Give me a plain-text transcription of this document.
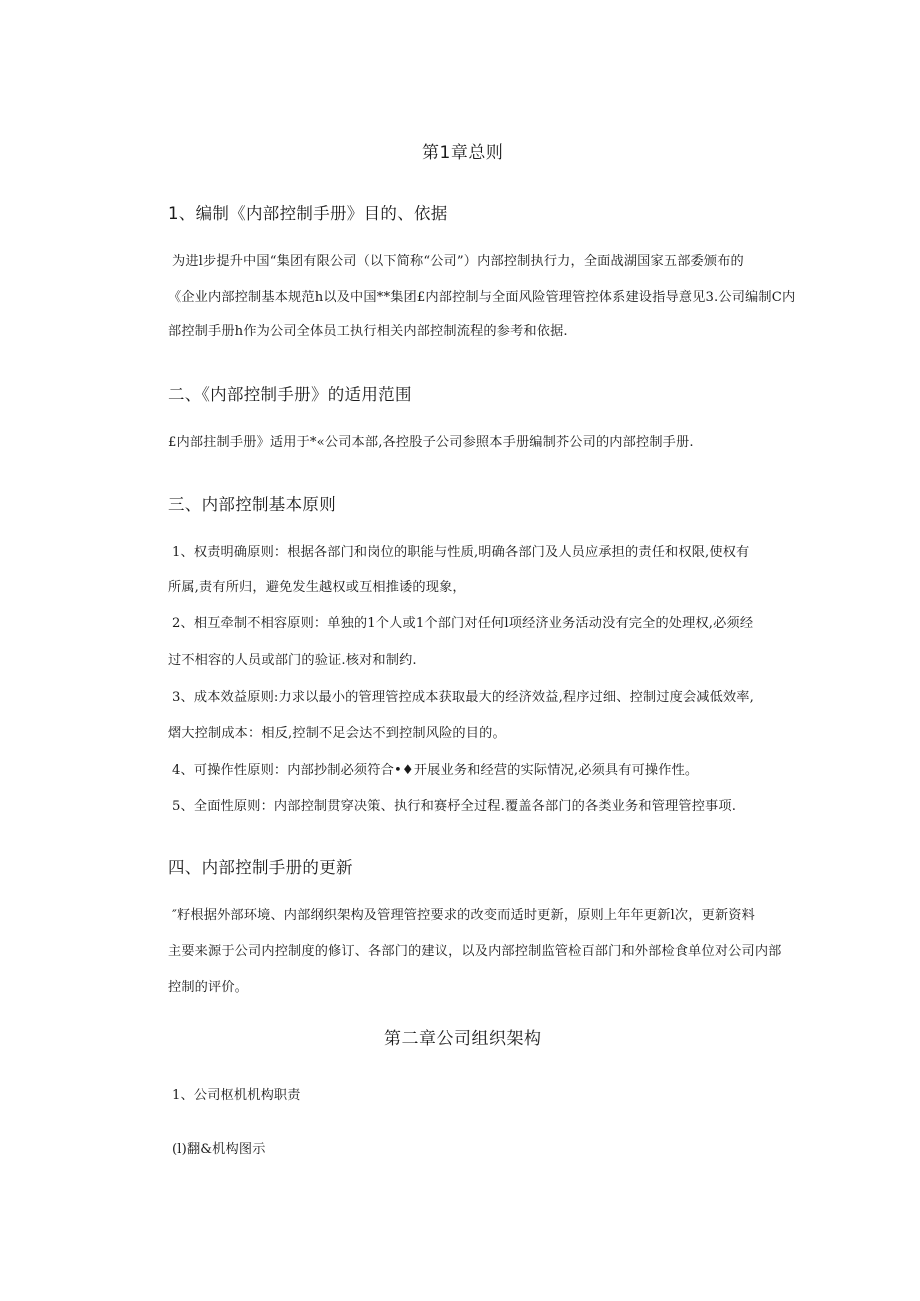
第1章总则
1、编制《内部控制手册》目的、依据
为进l步提升中国“集团有限公司（以下简称“公司”）内部控制执行力，全面战湖国家五部委颁布的
《企业内部控制基本规范h以及中国**集团£内部控制与全面风险管理管控体系建设指导意见3.公司编制C内
部控制手册h作为公司全体员工执行相关内部控制流程的参考和依据.
二、《内部控制手册》的适用范围
£内部拄制手册》适用于*«公司本部,各控股子公司参照本手册编制芥公司的内部控制手册.
三、内部控制基本原则
1、权责明确原则：根据各部门和岗位的职能与性质,明确各部门及人员应承担的责任和权限,使权有
所属,责有所归，避免发生越权或互相推诿的现象，
2、相互牵制不相容原则：单独的1个人或1个部门对任何l项经济业务活动没有完全的处理权,必须经
过不相容的人员或部门的验证.核对和制约.
3、成本效益原则:力求以最小的管理管控成本获取最大的经济效益,程序过细、控制过度会减低效率,
熠大控制成本：相反,控制不足会达不到控制风险的目的。
4、可操作性原则：内部抄制必须符合•♦开展业务和经营的实际情况,必须具有可操作性。
5、全面性原则：内部控制贯穿决策、执行和赛杼全过程.覆盖各部门的各类业务和管理管控事项.
四、内部控制手册的更新
″籽根据外部环境、内部纲织架构及管理管控要求的改变而适时更新，原则上年年更新l次，更新资料
主要来源于公司内控制度的修订、各部门的建议，以及内部控制监管检百部门和外部检食单位对公司内部
控制的评价。
第二章公司组织架构
1、公司枢机机构职责
(l)翻&机构图示
